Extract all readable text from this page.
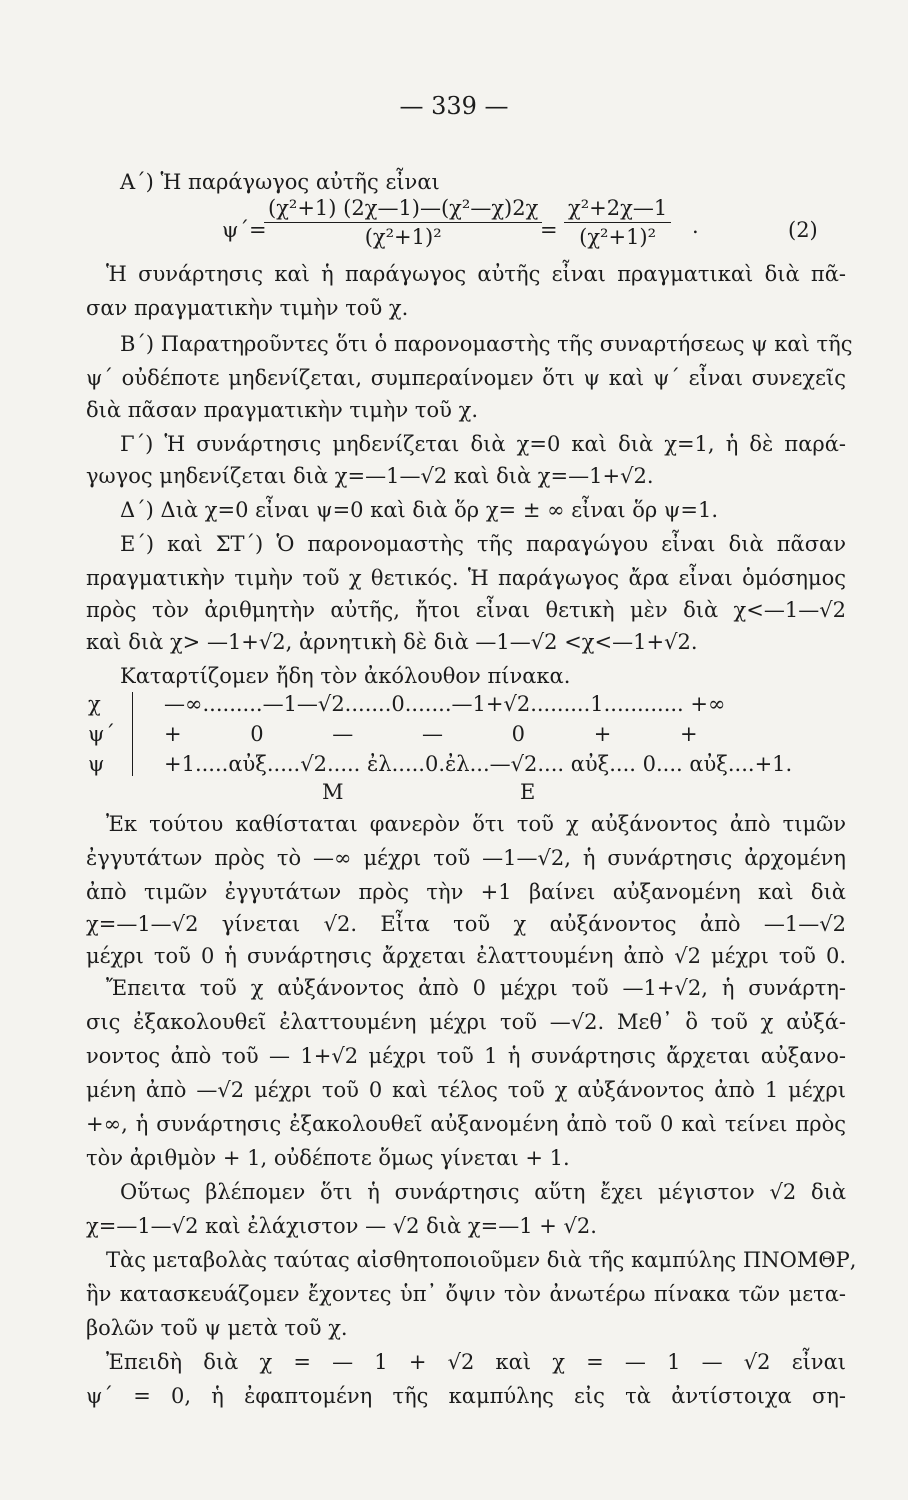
— 339 —
Α΄) Ἡ παράγωγος αὐτῆς εἶναι
ψ΄=
$\frac{\text{(χ²+1) (2χ—1)—(χ²—χ)2χ}}{\text{(χ²+1)²}}$
= $\frac{\text{χ²+2χ—1}}{\text{(χ²+1)²}}$ .	(2)
Ἡ συνάρτησις καὶ ἡ παράγωγος αὐτῆς εἶναι πραγματικαὶ διὰ πᾶ-
σαν πραγματικὴν τιμὴν τοῦ χ.
Β΄) Παρατηροῦντες ὅτι ὁ παρονομαστὴς τῆς συναρτήσεως ψ καὶ τῆς
ψ΄ οὐδέποτε μηδενίζεται, συμπεραίνομεν ὅτι ψ καὶ ψ΄ εἶναι συνεχεῖς
διὰ πᾶσαν πραγματικὴν τιμὴν τοῦ χ.
Γ΄) Ἡ συνάρτησις μηδενίζεται διὰ χ=0 καὶ διὰ χ=1, ἡ δὲ παρά-
γωγος μηδενίζεται διὰ χ=—1—√2 καὶ διὰ χ=—1+√2.
Δ΄) Διὰ χ=0 εἶναι ψ=0 καὶ διὰ ὅρ χ= ± ∞ εἶναι ὅρ ψ=1.
Ε΄) καὶ ΣΤ΄) Ὁ παρονομαστὴς τῆς παραγώγου εἶναι διὰ πᾶσαν
πραγματικὴν τιμὴν τοῦ χ θετικός. Ἡ παράγωγος ἄρα εἶναι ὁμόσημος
πρὸς τὸν ἀριθμητὴν αὐτῆς, ἤτοι εἶναι θετικὴ μὲν διὰ χ<—1—√2
καὶ διὰ χ> —1+√2, ἀρνητικὴ δὲ διὰ —1—√2 <χ<—1+√2.
Καταρτίζομεν ἤδη τὸν ἀκόλουθον πίνακα.
χ	—∞.........—1—√2.......0.......—1+√2.........1............ +∞
ψ΄ + 0 — — 0 + +
ψ	+1.....αὐξ.....√2..... ἐλ.....0.ἐλ...—√2.... αὐξ.... 0.... αὐξ....+1.
M	E
Ἐκ τούτου καθίσταται φανερὸν ὅτι τοῦ χ αὐξάνοντος ἀπὸ τιμῶν
ἐγγυτάτων πρὸς τὸ —∞ μέχρι τοῦ —1—√2, ἡ συνάρτησις ἀρχομένη
ἀπὸ τιμῶν ἐγγυτάτων πρὸς τὴν +1 βαίνει αὐξανομένη καὶ διὰ
χ=—1—√2 γίνεται √2. Εἶτα τοῦ χ αὐξάνοντος ἀπὸ —1—√2
μέχρι τοῦ 0 ἡ συνάρτησις ἄρχεται ἐλαττουμένη ἀπὸ √2 μέχρι τοῦ 0.
Ἔπειτα τοῦ χ αὐξάνοντος ἀπὸ 0 μέχρι τοῦ —1+√2, ἡ συνάρτη-
σις ἐξακολουθεῖ ἐλαττουμένη μέχρι τοῦ —√2. Μεθ᾿ ὃ τοῦ χ αὐξά-
νοντος ἀπὸ τοῦ — 1+√2 μέχρι τοῦ 1 ἡ συνάρτησις ἄρχεται αὐξανο-
μένη ἀπὸ —√2 μέχρι τοῦ 0 καὶ τέλος τοῦ χ αὐξάνοντος ἀπὸ 1 μέχρι
+∞, ἡ συνάρτησις ἐξακολουθεῖ αὐξανομένη ἀπὸ τοῦ 0 καὶ τείνει πρὸς
τὸν ἀριθμὸν + 1, οὐδέποτε ὅμως γίνεται + 1.
Οὕτως βλέπομεν ὅτι ἡ συνάρτησις αὕτη ἔχει μέγιστον √2 διὰ
χ=—1—√2 καὶ ἐλάχιστον — √2 διὰ χ=—1 + √2.
Τὰς μεταβολὰς ταύτας αἰσθητοποιοῦμεν διὰ τῆς καμπύλης ΠΝΟΜΘΡ,
ἣν κατασκευάζομεν ἔχοντες ὑπ᾿ ὄψιν τὸν ἀνωτέρω πίνακα τῶν μετα-
βολῶν τοῦ ψ μετὰ τοῦ χ.
Ἐπειδὴ διὰ χ = — 1 + √2 καὶ χ = — 1 — √2 εἶναι
ψ΄ = 0, ἡ ἐφαπτομένη τῆς καμπύλης εἰς τὰ ἀντίστοιχα ση-
